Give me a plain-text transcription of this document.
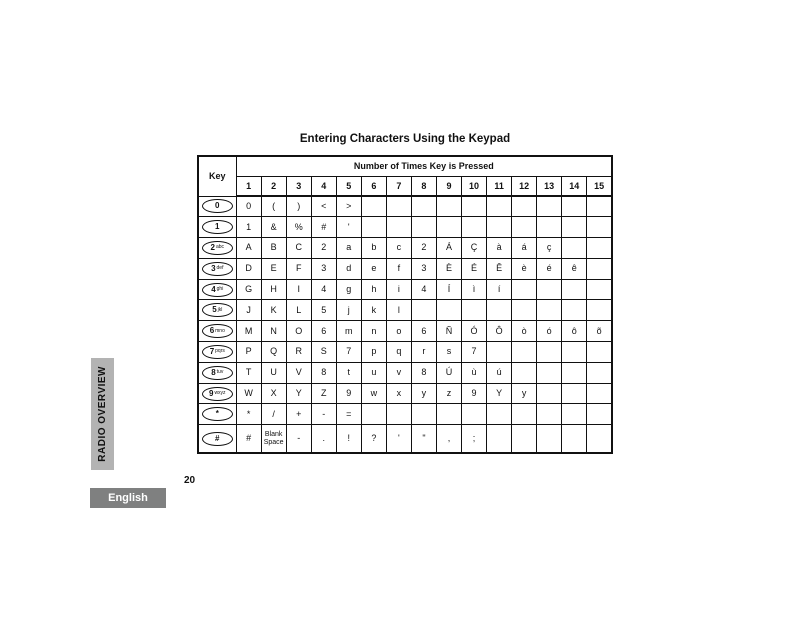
Entering Characters Using the Keypad
Key	Number of Times Key is Pressed														
	1	2	3	4	5	6	7	8	9	10	11	12	13	14	15

0	0	(	)	<	>										

1	1	&	%	#	'										

2 abc	A	B	C	2	a	b	c	2	Á	Ç	à	á	ç		

3 def	D	E	F	3	d	e	f	3	È	É	Ê	è	é	ê	

4 ghi	G	H	I	4	g	h	i	4	Í	ì	í				

5 jkl	J	K	L	5	j	k	l								

6 mno	M	N	O	6	m	n	o	6	Ñ	Ó	Ô	ò	ó	ô	õ

7 pqrs	P	Q	R	S	7	p	q	r	s	7					

8 tuv	T	U	V	8	t	u	v	8	Ú	ù	ú				

9 wxyz	W	X	Y	Z	9	w	x	y	z	9	Y	y			

*	*	/	+	-	=										

#	#	Blank Space	-	.	!	?	'	"	,	;					
RADIO OVERVIEW
20
English
